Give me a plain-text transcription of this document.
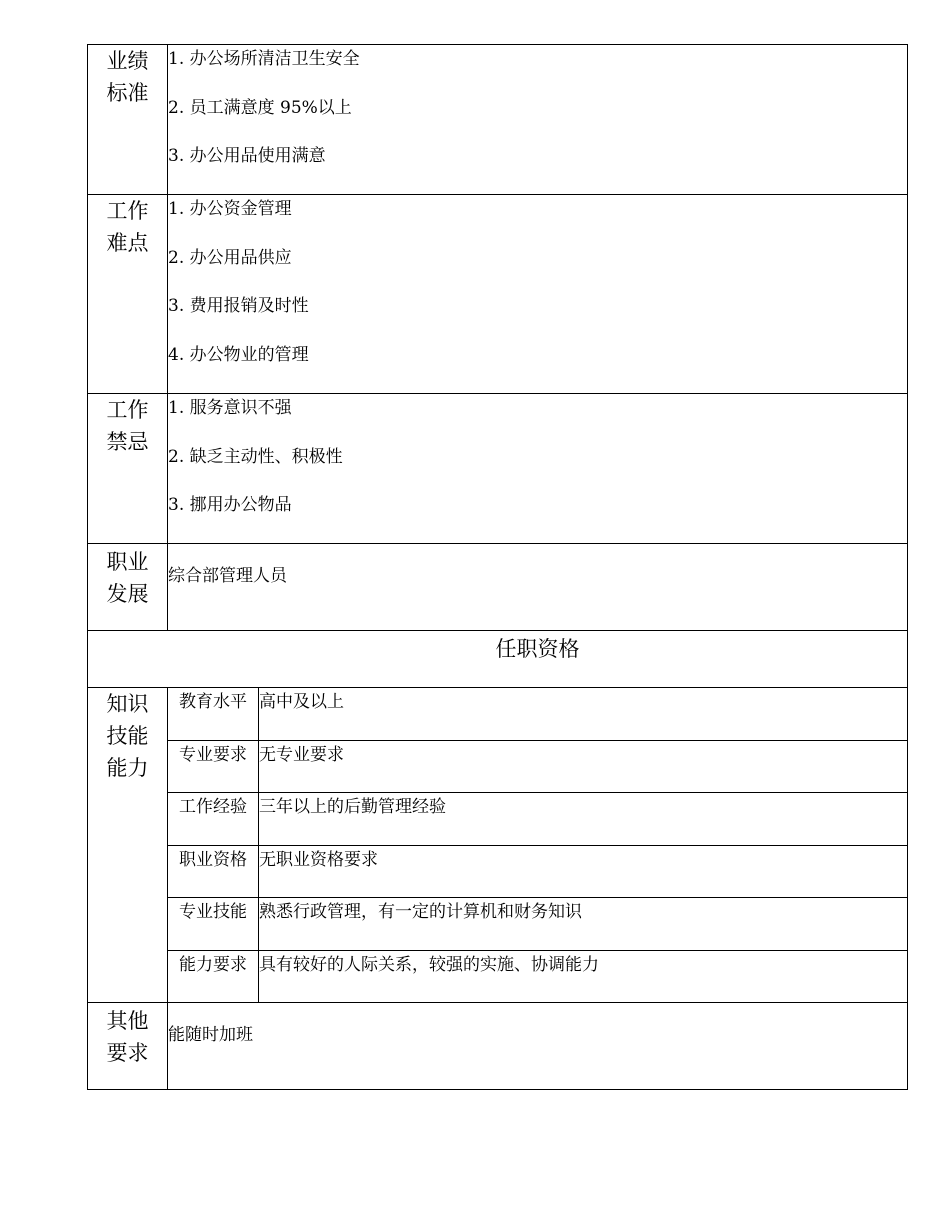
业绩
标准	1. 办公场所清洁卫生安全
2. 员工满意度 95%以上
3. 办公用品使用满意	

工作
难点	1. 办公资金管理
2. 办公用品供应
3. 费用报销及时性
4. 办公物业的管理	

工作
禁忌	1. 服务意识不强
2. 缺乏主动性、积极性
3. 挪用办公物品	

职业
发展	综合部管理人员	

任职资格		

知识
技能
能力	教育水平	高中及以上
	专业要求	无专业要求
	工作经验	三年以上的后勤管理经验
	职业资格	无职业资格要求
	专业技能	熟悉行政管理，有一定的计算机和财务知识
	能力要求	具有较好的人际关系，较强的实施、协调能力

其他
要求	能随时加班	
